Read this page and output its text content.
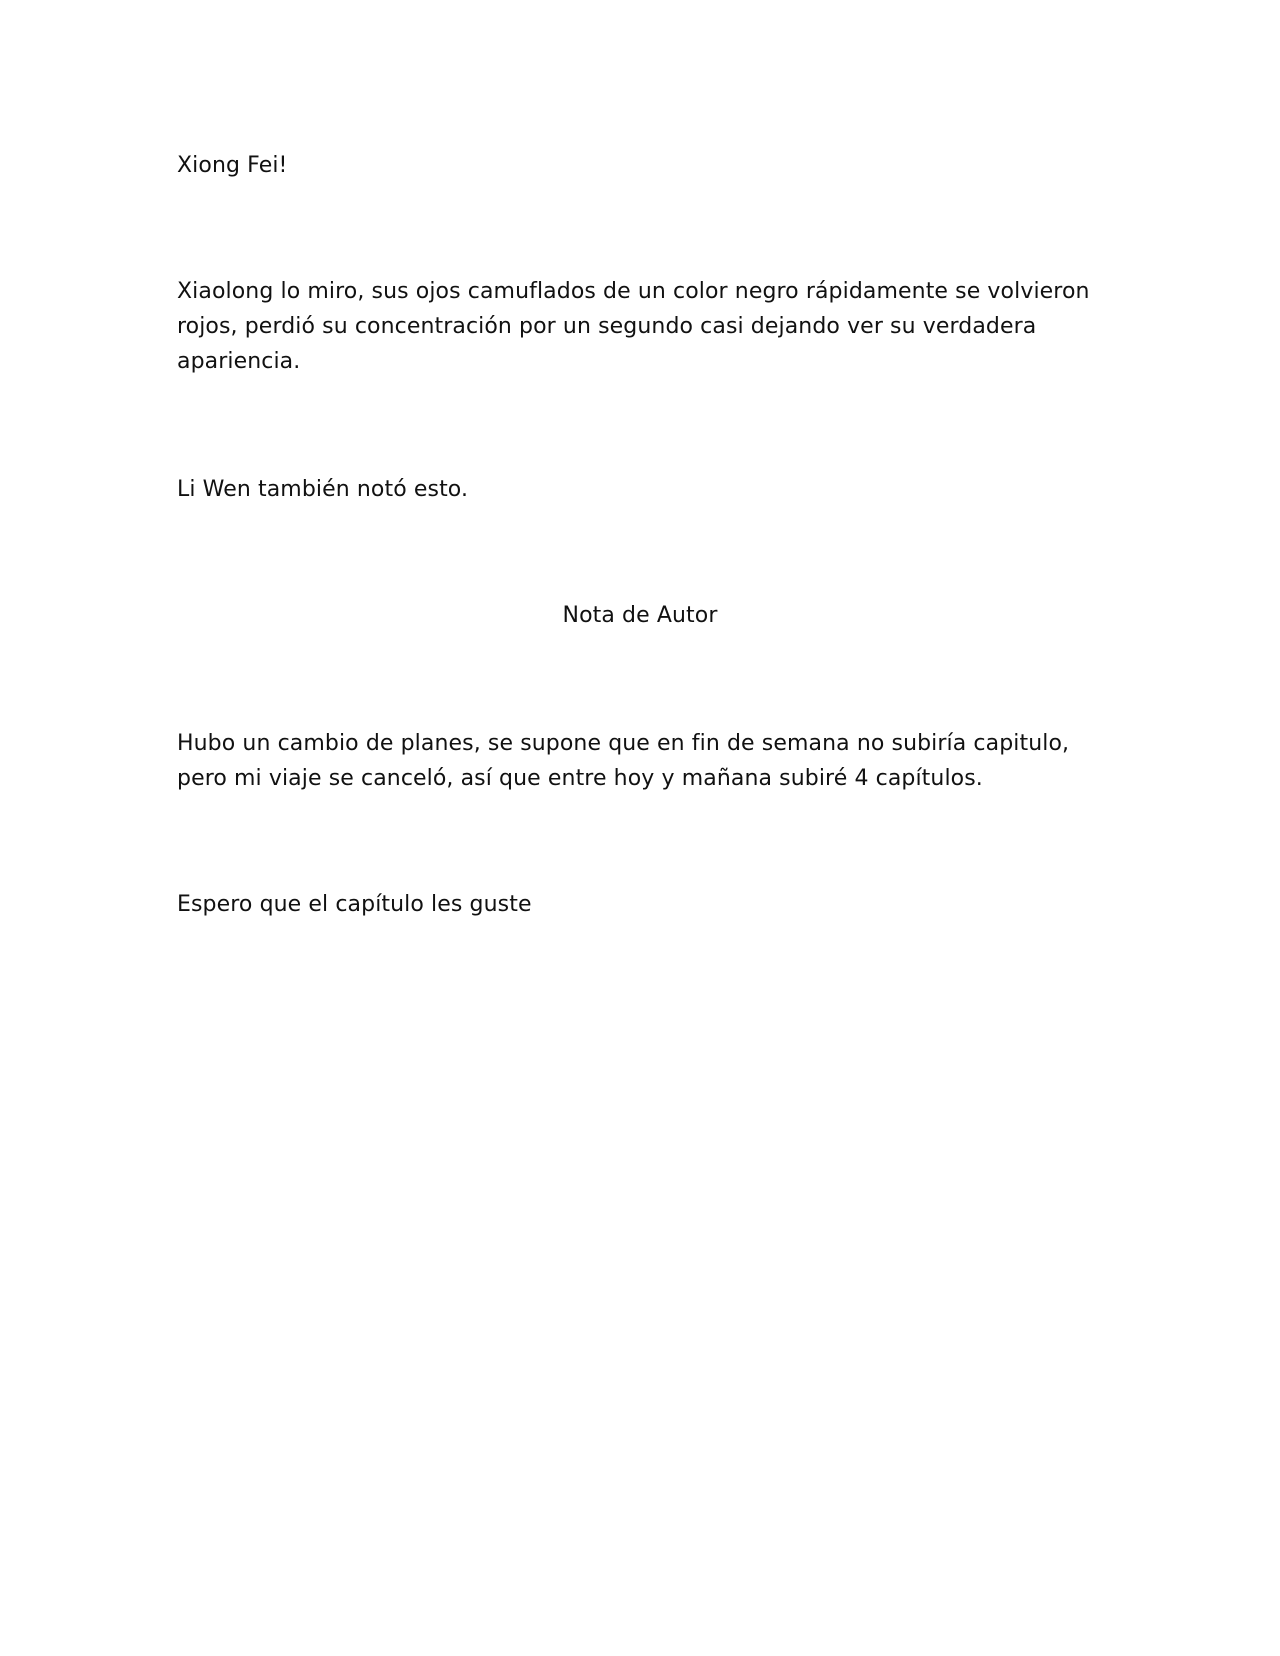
Xiong Fei!

Xiaolong lo miro, sus ojos camuflados de un color negro rápidamente se volvieron rojos, perdió su concentración por un segundo casi dejando ver su verdadera apariencia.

Li Wen también notó esto.

Nota de Autor

Hubo un cambio de planes, se supone que en fin de semana no subiría capitulo, pero mi viaje se canceló, así que entre hoy y mañana subiré 4 capítulos.

Espero que el capítulo les guste
